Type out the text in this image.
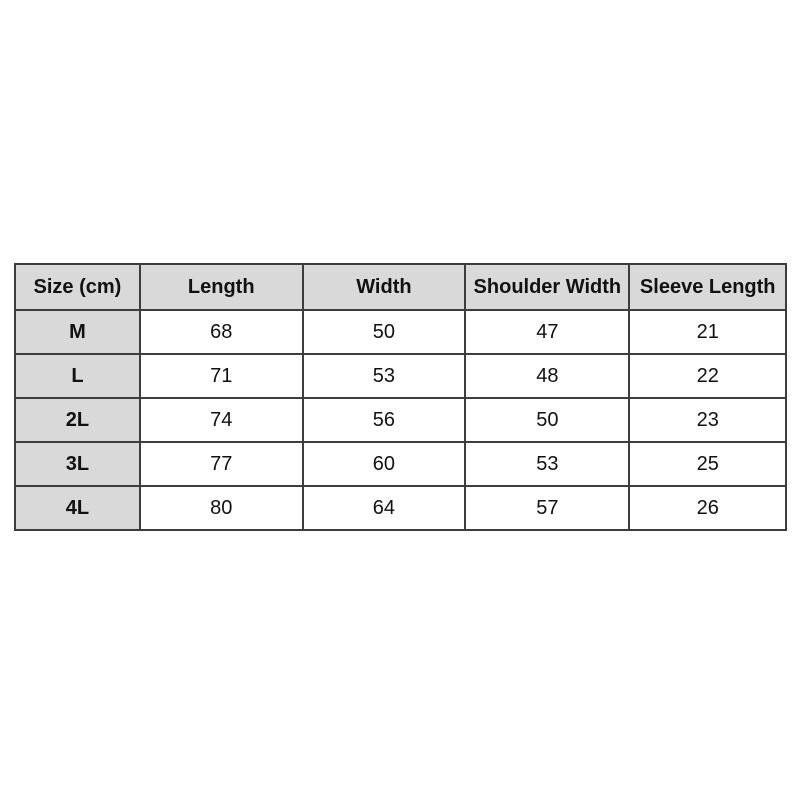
Size (cm)	Length	Width	Shoulder Width	Sleeve Length
M	68	50	47	21
L	71	53	48	22
2L	74	56	50	23
3L	77	60	53	25
4L	80	64	57	26
